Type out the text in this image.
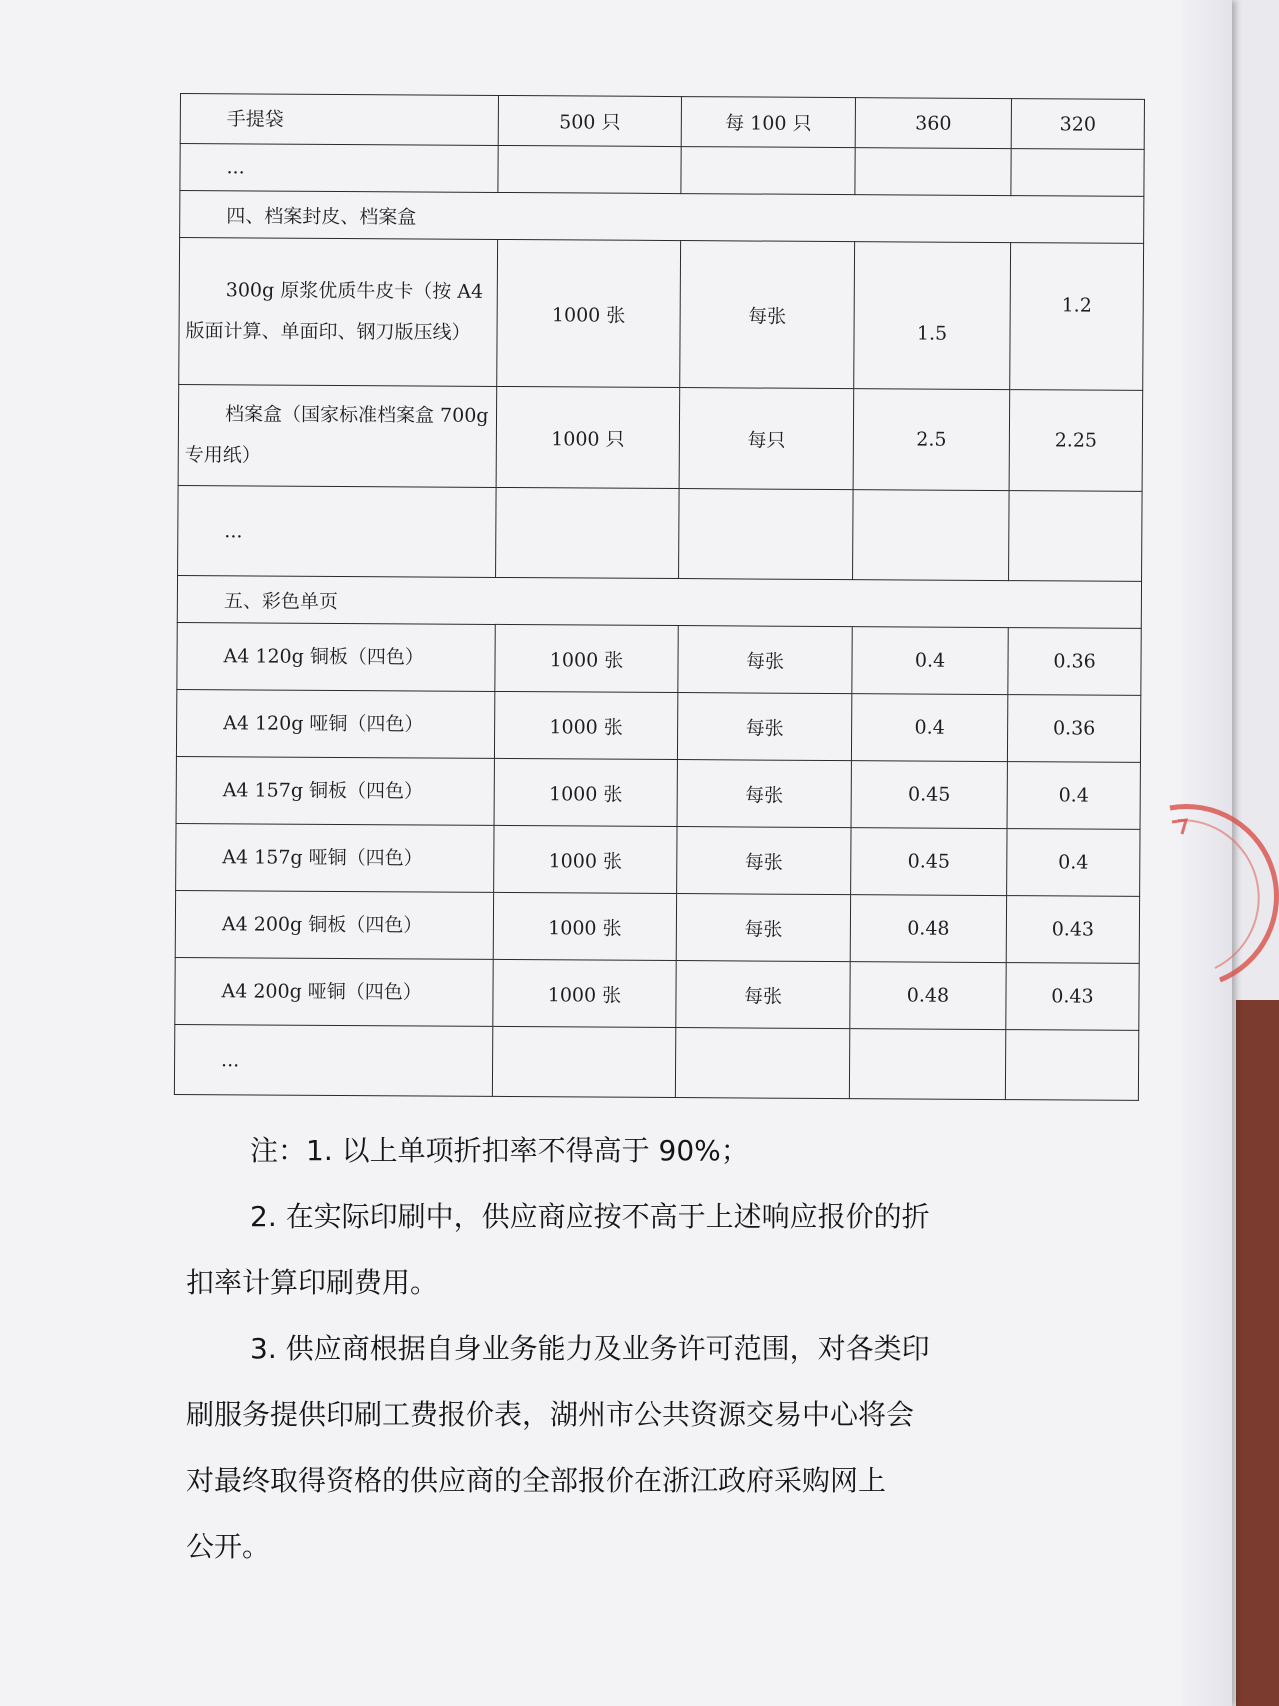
手提袋	500 只	每 100 只	360	320
...				
四、档案封皮、档案盒				
300g 原浆优质牛皮卡（按 A4 版面计算、单面印、钢刀版压线）	1000 张	每张	1.5	1.2
档案盒（国家标准档案盒 700g 专用纸）	1000 只	每只	2.5	2.25
...				
五、彩色单页				
A4 120g 铜板（四色）	1000 张	每张	0.4	0.36
A4 120g 哑铜（四色）	1000 张	每张	0.4	0.36
A4 157g 铜板（四色）	1000 张	每张	0.45	0.4
A4 157g 哑铜（四色）	1000 张	每张	0.45	0.4
A4 200g 铜板（四色）	1000 张	每张	0.48	0.43
A4 200g 哑铜（四色）	1000 张	每张	0.48	0.43
...				

注：1. 以上单项折扣率不得高于 90%；

2. 在实际印刷中，供应商应按不高于上述响应报价的折

扣率计算印刷费用。

3. 供应商根据自身业务能力及业务许可范围，对各类印

刷服务提供印刷工费报价表，湖州市公共资源交易中心将会

对最终取得资格的供应商的全部报价在浙江政府采购网上

公开。
